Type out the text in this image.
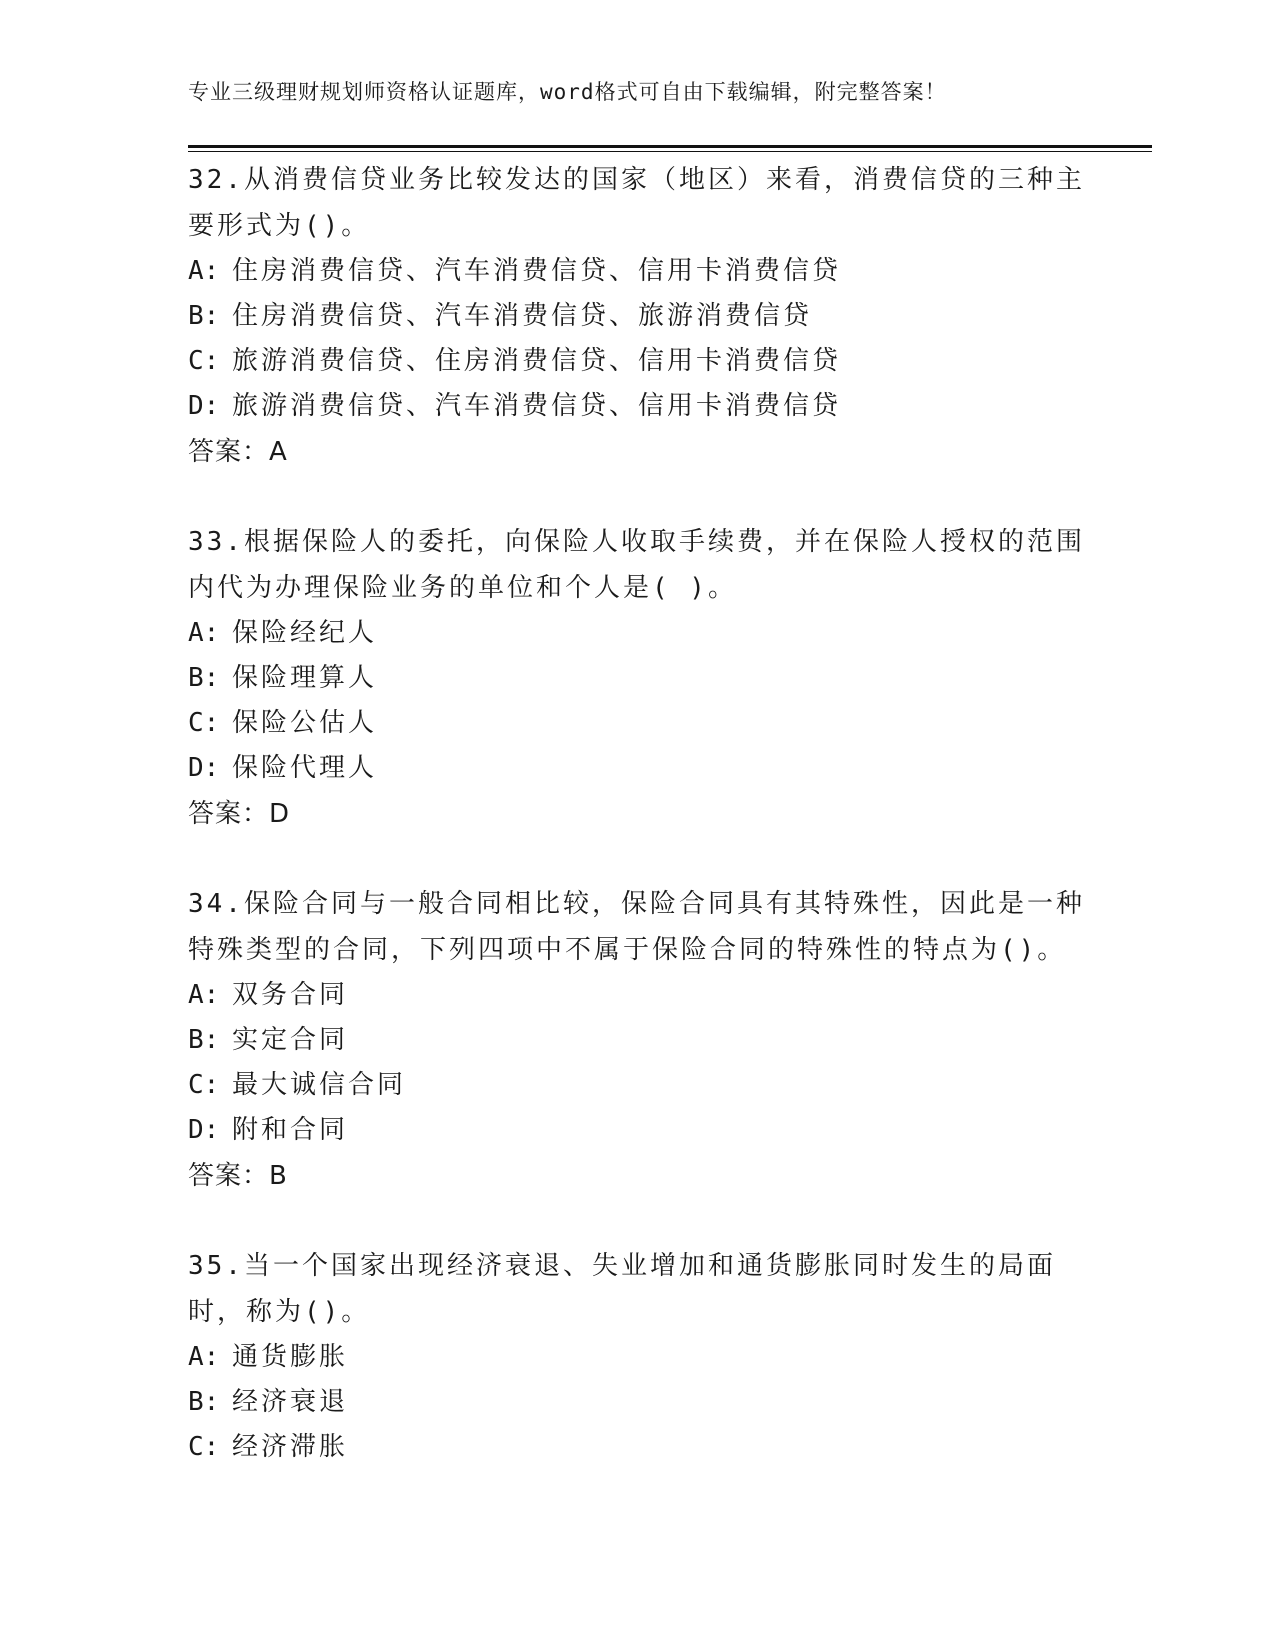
专业三级理财规划师资格认证题库，word格式可自由下载编辑，附完整答案！

32.从消费信贷业务比较发达的国家（地区）来看，消费信贷的三种主要形式为()。

A: 住房消费信贷、汽车消费信贷、信用卡消费信贷

B: 住房消费信贷、汽车消费信贷、旅游消费信贷

C: 旅游消费信贷、住房消费信贷、信用卡消费信贷

D: 旅游消费信贷、汽车消费信贷、信用卡消费信贷

答案：A

33.根据保险人的委托，向保险人收取手续费，并在保险人授权的范围内代为办理保险业务的单位和个人是( )。

A: 保险经纪人

B: 保险理算人

C: 保险公估人

D: 保险代理人

答案：D

34.保险合同与一般合同相比较，保险合同具有其特殊性，因此是一种特殊类型的合同，下列四项中不属于保险合同的特殊性的特点为()。

A: 双务合同

B: 实定合同

C: 最大诚信合同

D: 附和合同

答案：B

35.当一个国家出现经济衰退、失业增加和通货膨胀同时发生的局面时，称为()。

A: 通货膨胀

B: 经济衰退

C: 经济滞胀
